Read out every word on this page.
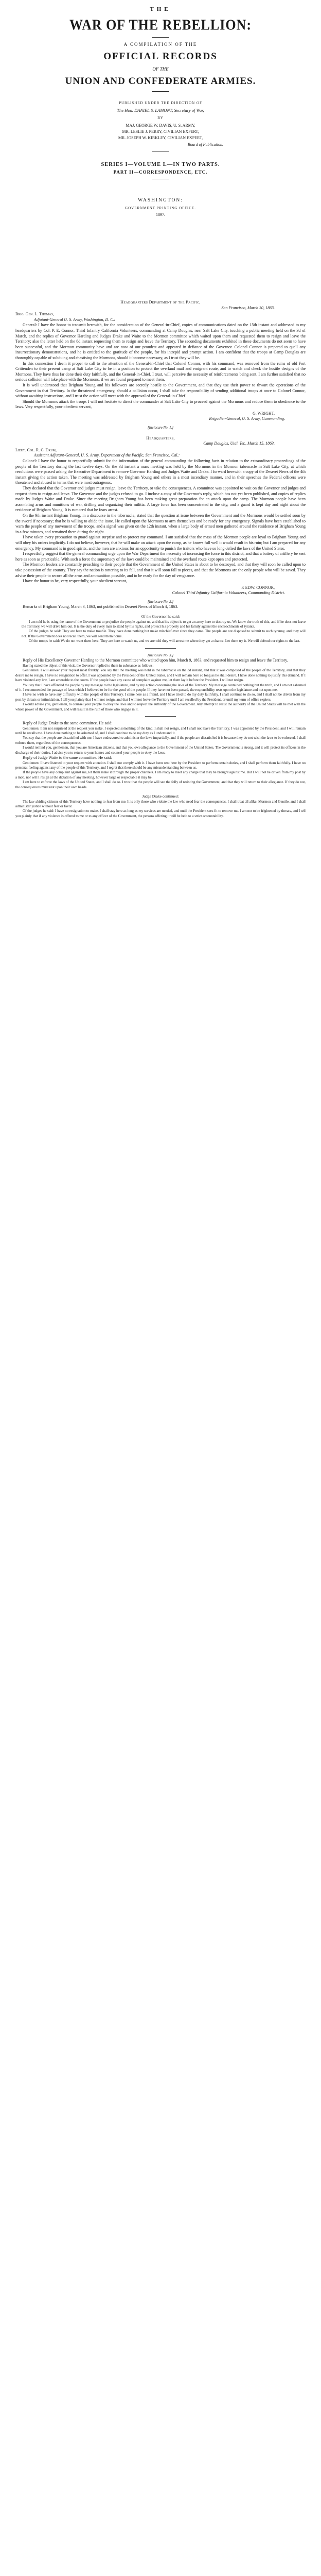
THE
WAR OF THE REBELLION:
A COMPILATION OF THE
OFFICIAL RECORDS
OF THE
UNION AND CONFEDERATE ARMIES.
PUBLISHED UNDER THE DIRECTION OF
The Hon. DANIEL S. LAMONT, Secretary of War,
BY
MAJ. GEORGE W. DAVIS, U. S. ARMY,
MR. LESLIE J. PERRY, CIVILIAN EXPERT,
MR. JOSEPH W. KIRKLEY, CIVILIAN EXPERT,
Board of Publication.
SERIES I—VOLUME L—IN TWO PARTS.
PART II—CORRESPONDENCE, ETC.
WASHINGTON:
GOVERNMENT PRINTING OFFICE.
1897.
Headquarters Department of the Pacific,
San Francisco, March 30, 1863.
Brig. Gen. L. Thomas,
Adjutant-General U. S. Army, Washington, D. C.:

General: I have the honor to transmit herewith, for the consideration of the General-in-Chief, copies of communications dated on the 15th instant and addressed to my headquarters by Col. P. E. Connor, Third Infantry California Volunteers, commanding at Camp Douglas, near Salt Lake City, touching a public meeting held on the 3d of March, and the replies of Governor Harding and Judges Drake and Waite to the Mormon committee which waited upon them and requested them to resign and leave the Territory; also the letter held on the 8d instant requesting them to resign and leave the Territory. The seconding documents exhibited in these documents do not seem to have been successful, and the Mormon community have and are now of our proudest and appeared in defiance of the Governor. Colonel Connor is prepared to quell any insurrectionary demonstrations, and he is entitled to the gratitude of the people, for his intrepid and prompt action. I am confident that the troops at Camp Douglas are thoroughly capable of subduing and chastising the Mormons, should it become necessary, as I trust they will be.

In this connection I deem it proper to call to the attention of the General-in-Chief that Colonel Connor, with his command, was removed from the ruins of old Fort Crittenden to their present camp at Salt Lake City to be in a position to protect the overland mail and emigrant route, and to watch and check the hostile designs of the Mormons. They have thus far done their duty faithfully, and the General-in-Chief, I trust, will perceive the necessity of reinforcements being sent. I am further satisfied that no serious collision will take place with the Mormons, if we are found prepared to meet them.

It is well understood that Brigham Young and his followers are secretly hostile to the Government, and that they use their power to thwart the operations of the Government in that Territory. In the threatened emergency, should a collision occur, I shall take the responsibility of sending additional troops at once to Colonel Connor, without awaiting instructions, and I trust the action will meet with the approval of the General-in-Chief.

Should the Mormons attack the troops I will not hesitate to direct the commander at Salt Lake City to proceed against the Mormons and reduce them to obedience to the laws. Very respectfully, your obedient servant,

G. WRIGHT,
Brigadier-General, U. S. Army, Commanding.
[Inclosure No. 1.]
Headquarters,
Camp Douglas, Utah Ter., March 15, 1863.
Lieut. Col. R. C. Drum,
Assistant Adjutant-General, U. S. Army, Department of the Pacific, San Francisco, Cal.:

Colonel: I have the honor to respectfully submit for the information of the general commanding the following facts in relation to the extraordinary proceedings of the people of the Territory during the last twelve days. On the 3d instant a mass meeting was held by the Mormons in the Mormon tabernacle in Salt Lake City, at which resolutions were passed asking the Executive Department to remove Governor Harding and Judges Waite and Drake. I forward herewith a copy of the Deseret News of the 4th instant giving the action taken. The meeting was addressed by Brigham Young and others in a most incendiary manner, and in their speeches the Federal officers were threatened and abused in terms that were most outrageous.

They declared that the Governor and judges must resign, leave the Territory, or take the consequences. A committee was appointed to wait on the Governor and judges and request them to resign and leave. The Governor and the judges refused to go. I inclose a copy of the Governor's reply, which has not yet been published, and copies of replies made by Judges Waite and Drake. Since the meeting Brigham Young has been making great preparation for an attack upon the camp. The Mormon people have been assembling arms and munitions of war, drilling and organizing their militia. A large force has been concentrated in the city, and a guard is kept day and night about the residence of Brigham Young. It is rumored that he fears arrest.

On the 9th instant Brigham Young, in a discourse in the tabernacle, stated that the question at issue between the Government and the Mormons would be settled soon by the sword if necessary; that he is willing to abide the issue. He called upon the Mormons to arm themselves and be ready for any emergency. Signals have been established to warn the people of any movement of the troops, and a signal was given on the 12th instant, when a large body of armed men gathered around the residence of Brigham Young in a few minutes, and remained there during the night.

I have taken every precaution to guard against surprise and to protect my command. I am satisfied that the mass of the Mormon people are loyal to Brigham Young and will obey his orders implicitly. I do not believe, however, that he will make an attack upon the camp, as he knows full well it would result in his ruin; but I am prepared for any emergency. My command is in good spirits, and the men are anxious for an opportunity to punish the traitors who have so long defied the laws of the United States.

I respectfully suggest that the general commanding urge upon the War Department the necessity of increasing the force in this district, and that a battery of artillery be sent here as soon as practicable. With such a force the supremacy of the laws could be maintained and the overland route kept open and protected.

The Mormon leaders are constantly preaching to their people that the Government of the United States is about to be destroyed, and that they will soon be called upon to take possession of the country. They say the nation is tottering to its fall, and that it will soon fall to pieces, and that the Mormons are the only people who will be saved. They advise their people to secure all the arms and ammunition possible, and to be ready for the day of vengeance.

I have the honor to be, very respectfully, your obedient servant,

P. EDW. CONNOR,
Colonel Third Infantry California Volunteers, Commanding District.
[Inclosure No. 2.]

Remarks of Brigham Young, March 3, 1863, not published in Deseret News of March 4, 1863.

Of the Governor he said:

I am told he is using the name of the Government to prejudice the people against us, and that his object is to get an army here to destroy us. We know the truth of this, and if he does not leave the Territory, we will drive him out. It is the duty of every man to stand by his rights, and protect his property and his family against the encroachments of tyrants.

Of the judges he said: They are here to make trouble. They have done nothing but make mischief ever since they came. The people are not disposed to submit to such tyranny, and they will not. If the Government does not recall them, we will send them home.

Of the troops he said: We do not want them here. They are here to watch us, and we are told they will arrest me when they get a chance. Let them try it. We will defend our rights to the last.

[Inclosure No. 3.]

Reply of His Excellency Governor Harding to the Mormon committee who waited upon him, March 9, 1863, and requested him to resign and leave the Territory.

Having stated the object of this visit, the Governor replied to them in substance as follows:

Gentlemen: I will answer your request most frankly. You say that the meeting was held in the tabernacle on the 3d instant, and that it was composed of the people of the Territory, and that they desire me to resign. I have no resignation to offer. I was appointed by the President of the United States, and I will remain here so long as he shall desire. I have done nothing to justify this demand. If I have violated any law, I am amenable to the courts. If the people have any cause of complaint against me, let them lay it before the President. I will not resign.

You say that I have offended the people by my message to the legislature, and by my action concerning the laws of the Territory. My message contained nothing but the truth, and I am not ashamed of it. I recommended the passage of laws which I believed to be for the good of the people. If they have not been passed, the responsibility rests upon the legislature and not upon me.

I have no wish to have any difficulty with the people of this Territory. I came here as a friend, and I have tried to do my duty faithfully. I shall continue to do so, and I shall not be driven from my post by threats or intimidation. I tell you plainly that I will not resign, and that I will not leave the Territory until I am recalled by the President, or until my term of office expires.

I would advise you, gentlemen, to counsel your people to obey the laws and to respect the authority of the Government. Any attempt to resist the authority of the United States will be met with the whole power of the Government, and will result in the ruin of those who engage in it.

Reply of Judge Drake to the same committee. He said:

Gentlemen: I am not surprised at the request you make. I expected something of the kind. I shall not resign, and I shall not leave the Territory. I was appointed by the President, and I will remain until he recalls me. I have done nothing to be ashamed of, and I shall continue to do my duty as I understand it.

You say that the people are dissatisfied with me. I have endeavored to administer the laws impartially, and if the people are dissatisfied it is because they do not wish the laws to be enforced. I shall enforce them, regardless of the consequences.

I would remind you, gentlemen, that you are American citizens, and that you owe allegiance to the Government of the United States. The Government is strong, and it will protect its officers in the discharge of their duties. I advise you to return to your homes and counsel your people to obey the laws.

Reply of Judge Waite to the same committee. He said:

Gentlemen: I have listened to your request with attention. I shall not comply with it. I have been sent here by the President to perform certain duties, and I shall perform them faithfully. I have no personal feeling against any of the people of this Territory, and I regret that there should be any misunderstanding between us.

If the people have any complaint against me, let them make it through the proper channels. I am ready to meet any charge that may be brought against me. But I will not be driven from my post by a mob, nor will I resign at the dictation of any meeting, however large or respectable it may be.

I am here to enforce the laws of the United States, and I shall do so. I trust that the people will see the folly of resisting the Government, and that they will return to their allegiance. If they do not, the consequences must rest upon their own heads.

Judge Drake continued:

The law-abiding citizens of this Territory have nothing to fear from me. It is only those who violate the law who need fear the consequences. I shall treat all alike, Mormon and Gentile, and I shall administer justice without fear or favor.

Of the judges he said: I have no resignation to make. I shall stay here as long as my services are needed, and until the President sees fit to remove me. I am not to be frightened by threats, and I tell you plainly that if any violence is offered to me or to any officer of the Government, the persons offering it will be held to a strict accountability.
